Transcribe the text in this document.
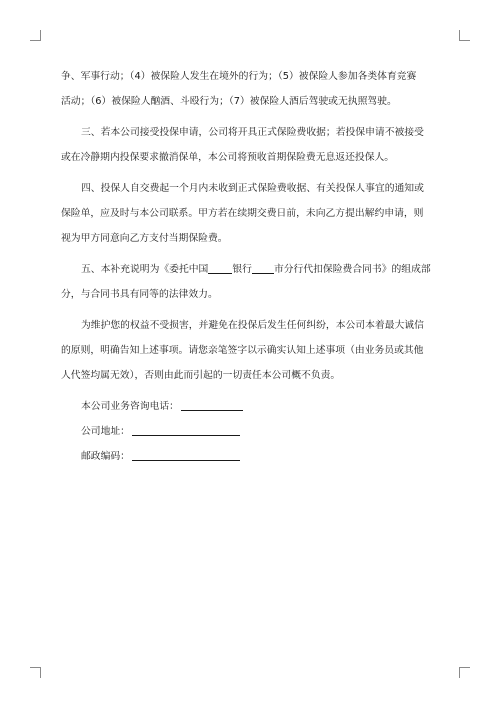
争、军事行动；（4）被保险人发生在境外的行为；（5）被保险人参加各类体育竞赛
活动；（6）被保险人酗酒、斗殴行为；（7）被保险人酒后驾驶或无执照驾驶。

三、若本公司接受投保申请，公司将开具正式保险费收据；若投保申请不被接受
或在冷静期内投保要求撤消保单，本公司将预收首期保险费无息返还投保人。

四、投保人自交费起一个月内未收到正式保险费收据、有关投保人事宜的通知或
保险单，应及时与本公司联系。甲方若在续期交费日前，未向乙方提出解约申请，则
视为甲方同意向乙方支付当期保险费。

五、本补充说明为《委托中国 银行 市分行代扣保险费合同书》的组成部
分，与合同书具有同等的法律效力。

为维护您的权益不受损害，并避免在投保后发生任何纠纷，本公司本着最大诚信
的原则，明确告知上述事项。请您亲笔签字以示确实认知上述事项（由业务员或其他
人代签均属无效），否则由此而引起的一切责任本公司概不负责。

本公司业务咨询电话：
公司地址：
邮政编码：
